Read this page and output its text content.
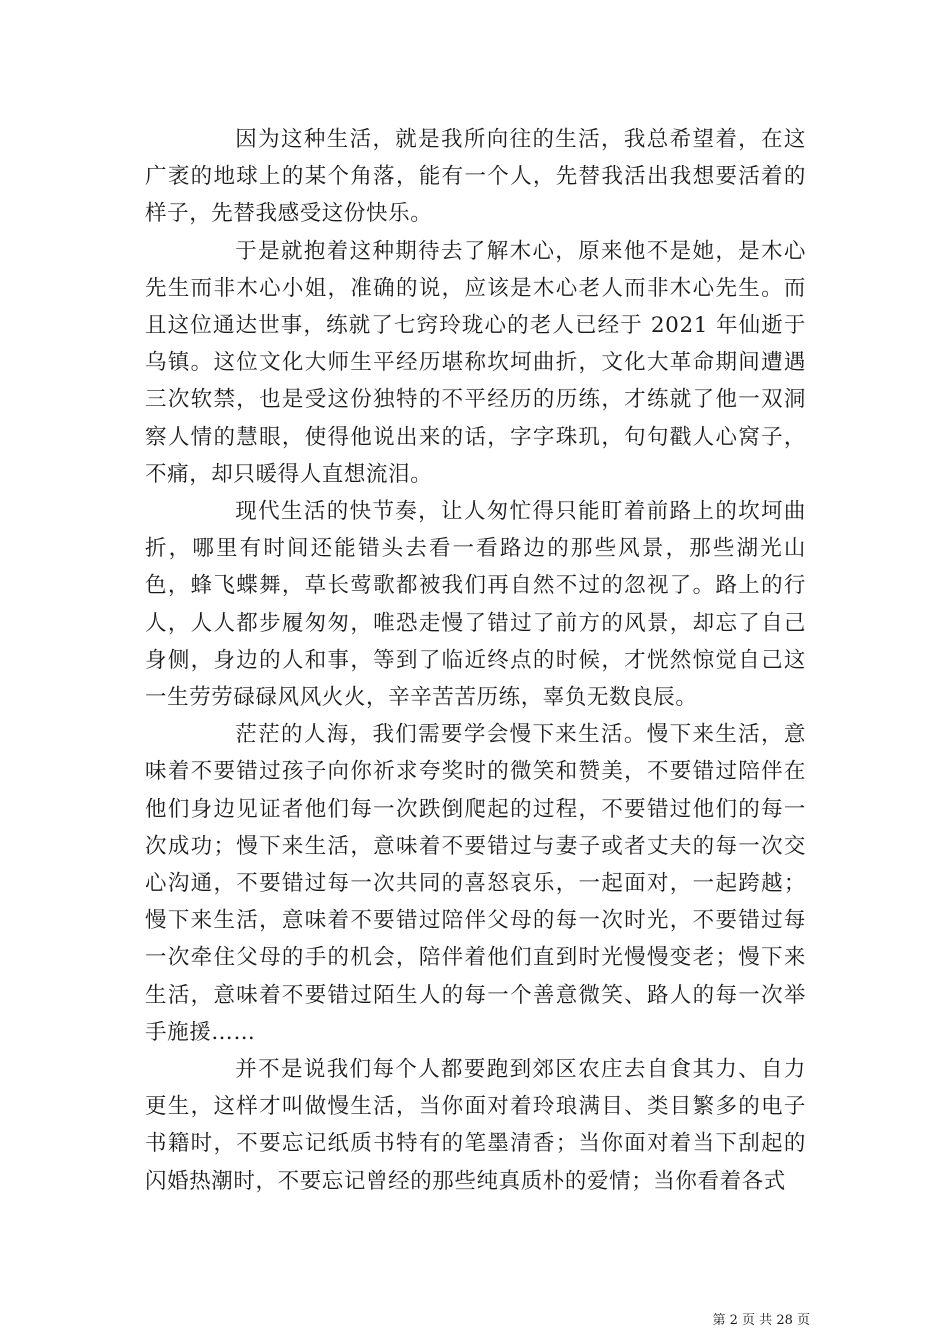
因为这种生活，就是我所向往的生活，我总希望着，在这广袤的地球上的某个角落，能有一个人，先替我活出我想要活着的样子，先替我感受这份快乐。

于是就抱着这种期待去了解木心，原来他不是她，是木心先生而非木心小姐，准确的说，应该是木心老人而非木心先生。而且这位通达世事，练就了七窍玲珑心的老人已经于 2021 年仙逝于乌镇。这位文化大师生平经历堪称坎坷曲折，文化大革命期间遭遇三次软禁，也是受这份独特的不平经历的历练，才练就了他一双洞察人情的慧眼，使得他说出来的话，字字珠玑，句句戳人心窝子，不痛，却只暖得人直想流泪。

现代生活的快节奏，让人匆忙得只能盯着前路上的坎坷曲折，哪里有时间还能错头去看一看路边的那些风景，那些湖光山色，蜂飞蝶舞，草长莺歌都被我们再自然不过的忽视了。路上的行人，人人都步履匆匆，唯恐走慢了错过了前方的风景，却忘了自己身侧，身边的人和事，等到了临近终点的时候，才恍然惊觉自己这一生劳劳碌碌风风火火，辛辛苦苦历练，辜负无数良辰。

茫茫的人海，我们需要学会慢下来生活。慢下来生活，意味着不要错过孩子向你祈求夸奖时的微笑和赞美，不要错过陪伴在他们身边见证者他们每一次跌倒爬起的过程，不要错过他们的每一次成功；慢下来生活，意味着不要错过与妻子或者丈夫的每一次交心沟通，不要错过每一次共同的喜怒哀乐，一起面对，一起跨越；慢下来生活，意味着不要错过陪伴父母的每一次时光，不要错过每一次牵住父母的手的机会，陪伴着他们直到时光慢慢变老；慢下来生活，意味着不要错过陌生人的每一个善意微笑、路人的每一次举手施援……

并不是说我们每个人都要跑到郊区农庄去自食其力、自力更生，这样才叫做慢生活，当你面对着玲琅满目、类目繁多的电子书籍时，不要忘记纸质书特有的笔墨清香；当你面对着当下刮起的闪婚热潮时，不要忘记曾经的那些纯真质朴的爱情；当你看着各式

第 2 页 共 28 页
